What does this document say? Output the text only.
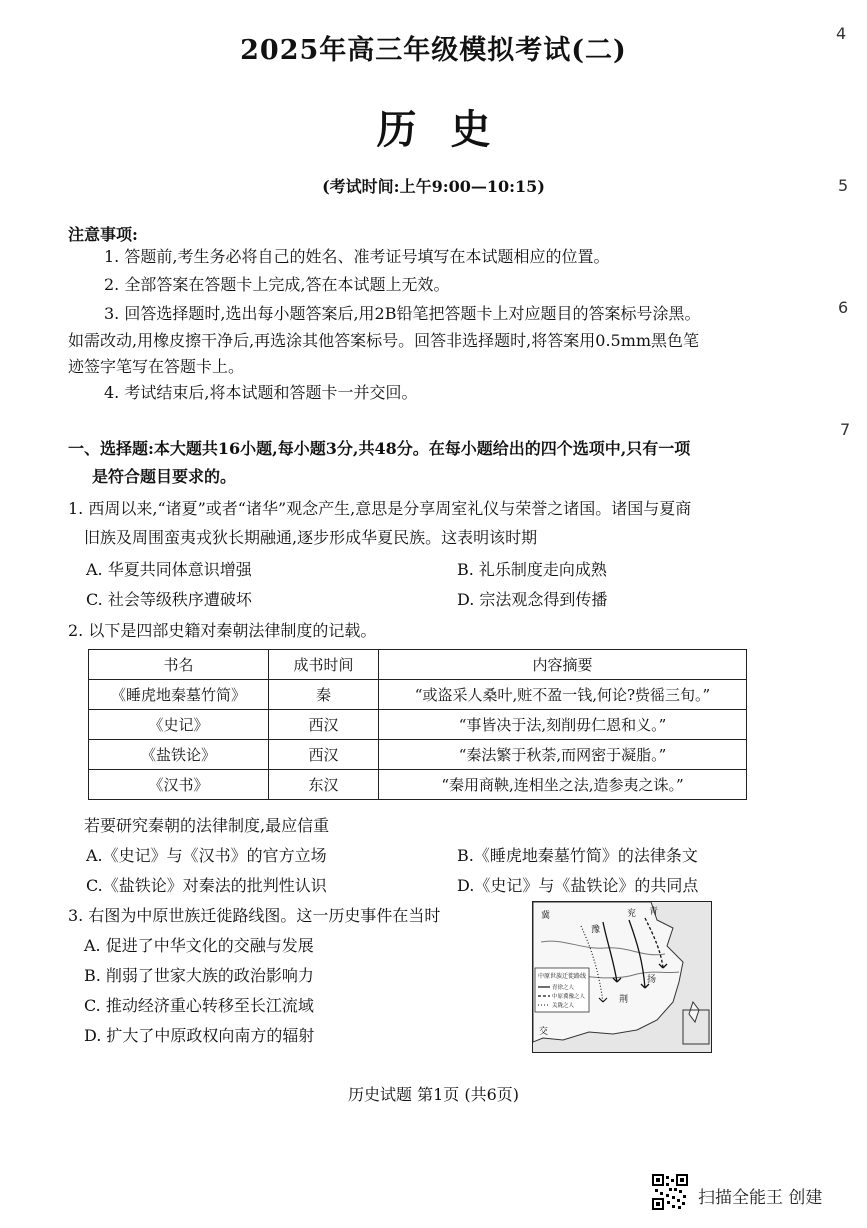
2025年高三年级模拟考试(二)
历史
(考试时间:上午9:00—10:15)
4
5
6
7
注意事项:
1. 答题前,考生务必将自己的姓名、准考证号填写在本试题相应的位置。
2. 全部答案在答题卡上完成,答在本试题上无效。
3. 回答选择题时,选出每小题答案后,用2B铅笔把答题卡上对应题目的答案标号涂黑。
如需改动,用橡皮擦干净后,再选涂其他答案标号。回答非选择题时,将答案用0.5mm黑色笔
迹签字笔写在答题卡上。
4. 考试结束后,将本试题和答题卡一并交回。
一、选择题:本大题共16小题,每小题3分,共48分。在每小题给出的四个选项中,只有一项
是符合题目要求的。
1. 西周以来,“诸夏”或者“诸华”观念产生,意思是分享周室礼仪与荣誉之诸国。诸国与夏商
旧族及周围蛮夷戎狄长期融通,逐步形成华夏民族。这表明该时期
A. 华夏共同体意识增强	B. 礼乐制度走向成熟
C. 社会等级秩序遭破坏	D. 宗法观念得到传播
2. 以下是四部史籍对秦朝法律制度的记载。
书名	成书时间	内容摘要
《睡虎地秦墓竹简》	秦	“或盗采人桑叶,赃不盈一钱,何论?赀徭三旬。”
《史记》	西汉	“事皆决于法,刻削毋仁恩和义。”
《盐铁论》	西汉	“秦法繁于秋荼,而网密于凝脂。”
《汉书》	东汉	“秦用商鞅,连相坐之法,造参夷之诛。”
若要研究秦朝的法律制度,最应信重
A.《史记》与《汉书》的官方立场	B.《睡虎地秦墓竹简》的法律条文
C.《盐铁论》对秦法的批判性认识	D.《史记》与《盐铁论》的共同点
3. 右图为中原世族迁徙路线图。这一历史事件在当时
A. 促进了中华文化的交融与发展
B. 削弱了世家大族的政治影响力
C. 推动经济重心转移至长江流域
D. 扩大了中原政权向南方的辐射
中原世族迁徙路线
青徐之人
中原冀豫之人
关陇之人
冀
豫
兖 青
荆
扬
交
历史试题 第1页 (共6页)
扫描全能王 创建
